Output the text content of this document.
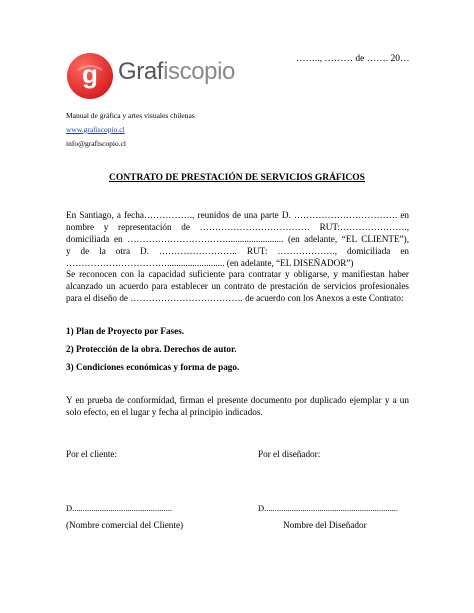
…….., ……… de ……. 20…
g Grafiscopio
Manual de gráfica y artes visuales chilenas
www.grafiscopio.cl
info@grafiscopio.cl
CONTRATO DE PRESTACIÓN DE SERVICIOS GRÁFICOS
En Santiago, a fecha……………., reunidos de una parte D. ……………………………. en
nombre y representación de ……………………………… RUT:………………….,
domiciliada en ……………………………........................ (en adelante, “EL CLIENTE”),
y de la otra D. …………………….. RUT: ………………., domiciliada en
……………………………......................... (en adelante, “EL DISEÑADOR”)
Se reconocen con la capacidad suficiente para contratar y obligarse, y manifiestan haber
alcanzado un acuerdo para establecer un contrato de prestación de servicios profesionales
para el diseño de ………………………………. de acuerdo con los Anexos a este Contrato:
1) Plan de Proyecto por Fases.
2) Protección de la obra. Derechos de autor.
3) Condiciones económicas y forma de pago.
Y en prueba de conformidad, firman el presente documento por duplicado ejemplar y a un
solo efecto, en el lugar y fecha al principio indicados.
Por el cliente:	Por el diseñador:
D...............................................	D...............................................................
(Nombre comercial del Cliente)	Nombre del Diseñador
